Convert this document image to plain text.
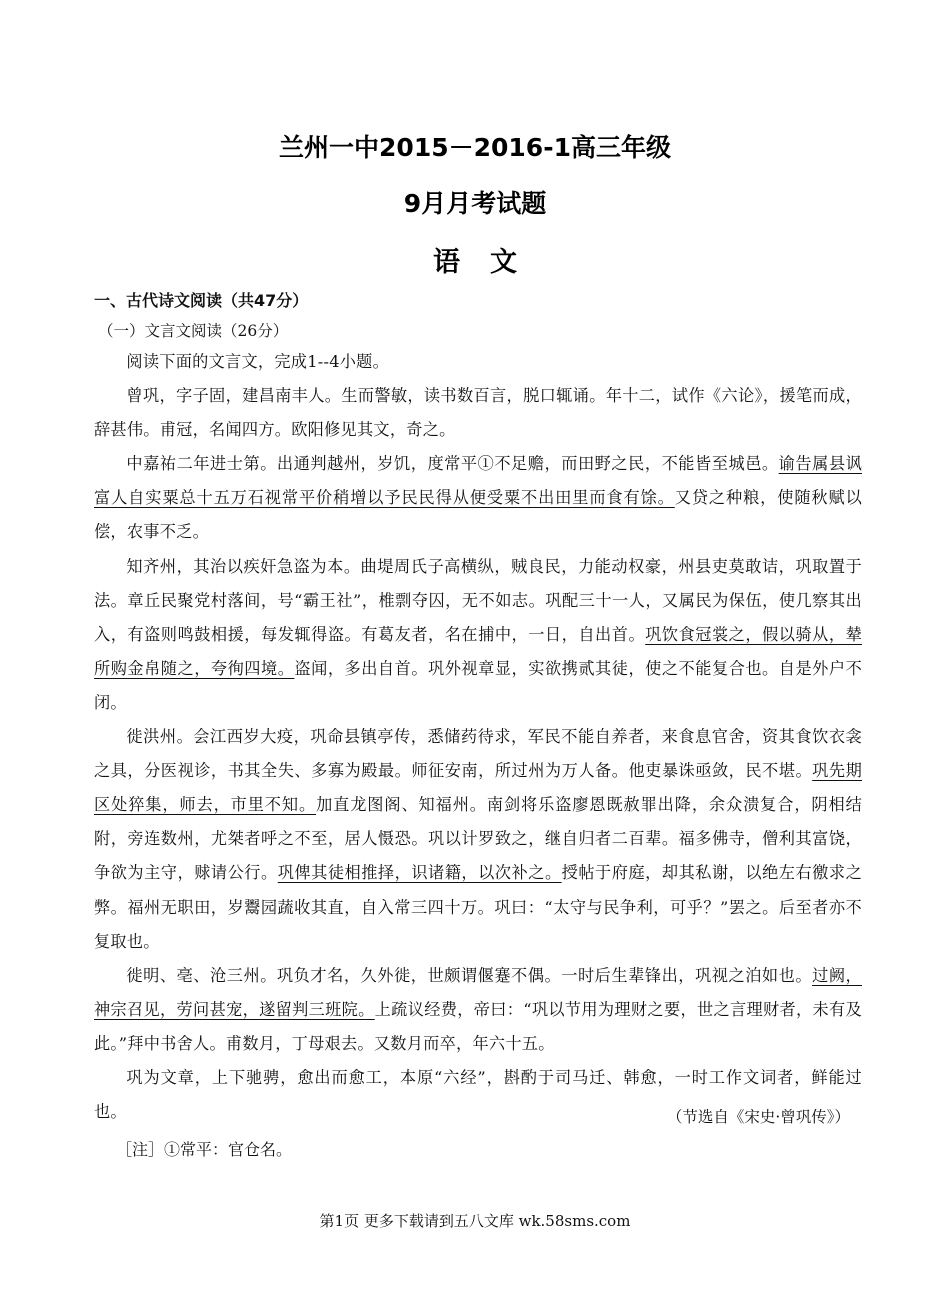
兰州一中2015－2016-1高三年级
9月月考试题
语文
一、古代诗文阅读（共47分）
（一）文言文阅读（26分）

阅读下面的文言文，完成1--4小题。

曾巩，字子固，建昌南丰人。生而警敏，读书数百言，脱口辄诵。年十二，试作《六论》，援笔而成，辞甚伟。甫冠，名闻四方。欧阳修见其文，奇之。

中嘉祐二年进士第。出通判越州，岁饥，度常平①不足赡，而田野之民，不能皆至城邑。谕告属县讽富人自实粟总十五万石视常平价稍增以予民民得从便受粟不出田里而食有馀。又贷之种粮，使随秋赋以偿，农事不乏。

知齐州，其治以疾奸急盗为本。曲堤周氏子高横纵，贼良民，力能动权豪，州县吏莫敢诘，巩取置于法。章丘民聚党村落间，号“霸王社”，椎剽夺囚，无不如志。巩配三十一人，又属民为保伍，使几察其出入，有盗则鸣鼓相援，每发辄得盗。有葛友者，名在捕中，一日，自出首。巩饮食冠裳之，假以骑从，辇所购金帛随之，夸徇四境。盗闻，多出自首。巩外视章显，实欲携贰其徒，使之不能复合也。自是外户不闭。

徙洪州。会江西岁大疫，巩命县镇亭传，悉储药待求，军民不能自养者，来食息官舍，资其食饮衣衾之具，分医视诊，书其全失、多寡为殿最。师征安南，所过州为万人备。他吏暴诛亟敛，民不堪。巩先期区处猝集，师去，市里不知。加直龙图阁、知福州。南剑将乐盗廖恩既赦罪出降，余众溃复合，阴相结附，旁连数州，尤桀者呼之不至，居人慑恐。巩以计罗致之，继自归者二百辈。福多佛寺，僧利其富饶，争欲为主守，赇请公行。巩俾其徒相推择，识诸籍，以次补之。授帖于府庭，却其私谢，以绝左右徼求之弊。福州无职田，岁鬻园蔬收其直，自入常三四十万。巩曰：“太守与民争利，可乎？”罢之。后至者亦不复取也。

徙明、亳、沧三州。巩负才名，久外徙，世颇谓偃蹇不偶。一时后生辈锋出，巩视之泊如也。过阙，神宗召见，劳问甚宠，遂留判三班院。上疏议经费，帝曰：“巩以节用为理财之要，世之言理财者，未有及此。”拜中书舍人。甫数月，丁母艰去。又数月而卒，年六十五。

巩为文章，上下驰骋，愈出而愈工，本原“六经”，斟酌于司马迁、韩愈，一时工作文词者，鲜能过也。	（节选自《宋史·曾巩传》）
［注］①常平：官仓名。
第1页 更多下载请到五八文库 wk.58sms.com
